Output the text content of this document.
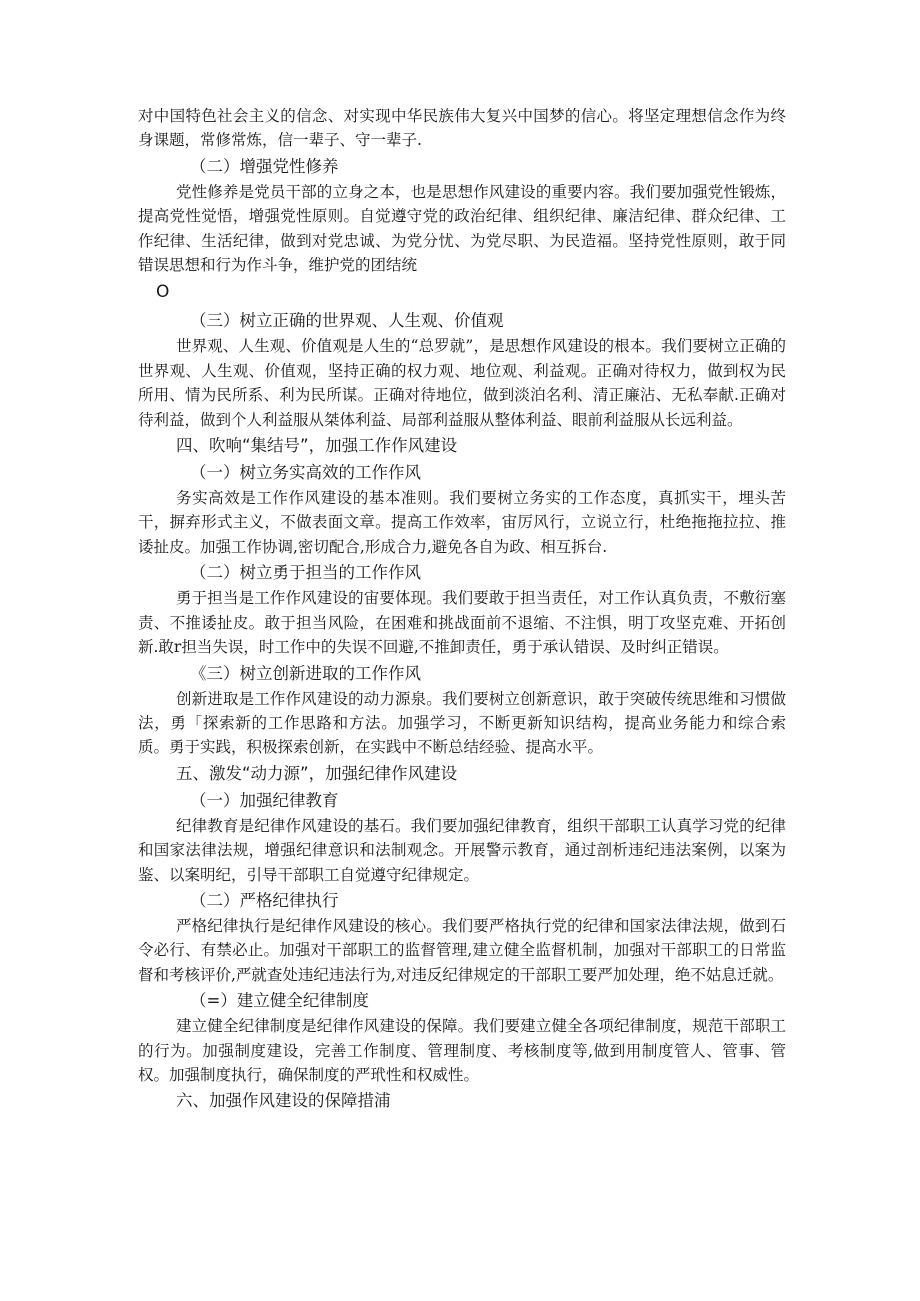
对中国特色社会主义的信念、对实现中华民族伟大复兴中国梦的信心。将坚定理想信念作为终身课题，常修常炼，信一辈子、守一辈子.

（二）增强党性修养

党性修养是党员干部的立身之本，也是思想作风建设的重要内容。我们要加强党性锻炼，提高党性觉悟，增强党性原则。自觉遵守党的政治纪律、组织纪律、廉洁纪律、群众纪律、工作纪律、生活纪律，做到对党忠诚、为党分忧、为党尽职、为民造福。坚持党性原则，敢于同错误思想和行为作斗争，维护党的团结统

O

（三）树立正确的世界观、人生观、价值观

世界观、人生观、价值观是人生的“总罗就”，是思想作风建设的根本。我们要树立正确的世界观、人生观、价值观，坚持正确的权力观、地位观、利益观。正确对待权力，做到权为民所用、情为民所系、利为民所谋。正确对待地位，做到淡泊名利、清正廉沾、无私奉献.正确对待利益，做到个人利益服从桀体利益、局部利益服从整体利益、眼前利益服从长远利益。

四、吹响“集结号”，加强工作作风建设

（一）树立务实高效的工作作风

务实高效是工作作风建设的基本准则。我们要树立务实的工作态度，真抓实干，埋头苦干，摒弃形式主义，不做表面文章。提高工作效率，宙厉风行，立说立行，杜绝拖拖拉拉、推诿扯皮。加强工作协调,密切配合,形成合力,避免各自为政、相互拆台.

（二）树立勇于担当的工作作风

勇于担当是工作作风建设的宙要体现。我们要敢于担当责任，对工作认真负责，不敷衍塞责、不推诿扯皮。敢于担当风险，在困难和挑战面前不退缩、不注惧，明丁攻坚克难、开拓创新.敢r担当失误，时工作中的失误不回避,不推卸责任，勇于承认错误、及时纠正错误。

《三）树立创新进取的工作作风

创新进取是工作作风建设的动力源泉。我们要树立创新意识，敢于突破传统思维和习惯做法，勇「探索新的工作思路和方法。加强学习，不断更新知识结构，提高业务能力和综合索质。勇于实践，积极探索创新，在实践中不断总结经验、提高水平。

五、激发“动力源”，加强纪律作风建设

（一）加强纪律教育

纪律教育是纪律作风建设的基石。我们要加强纪律教育，组织干部职工认真学习党的纪律和国家法律法规，增强纪律意识和法制观念。开展警示教育，通过剖析违纪违法案例，以案为鉴、以案明纪，引导干部职工自觉遵守纪律规定。

（二）严格纪律执行

严格纪律执行是纪律作风建设的核心。我们要严格执行党的纪律和国家法律法规，做到石令必行、有禁必止。加强对干部职工的监督管理,建立健全监督机制，加强对干部职工的日常监督和考核评价,严就查处违纪违法行为,对违反纪律规定的干部职工要严加处理，绝不姑息迁就。

（=）建立健全纪律制度

建立健全纪律制度是纪律作风建设的保障。我们要建立健全各项纪律制度，规范干部职工的行为。加强制度建设，完善工作制度、管理制度、考核制度等,做到用制度管人、管事、管权。加强制度执行，确保制度的严玳性和权威性。

六、加强作风建设的保障措浦
